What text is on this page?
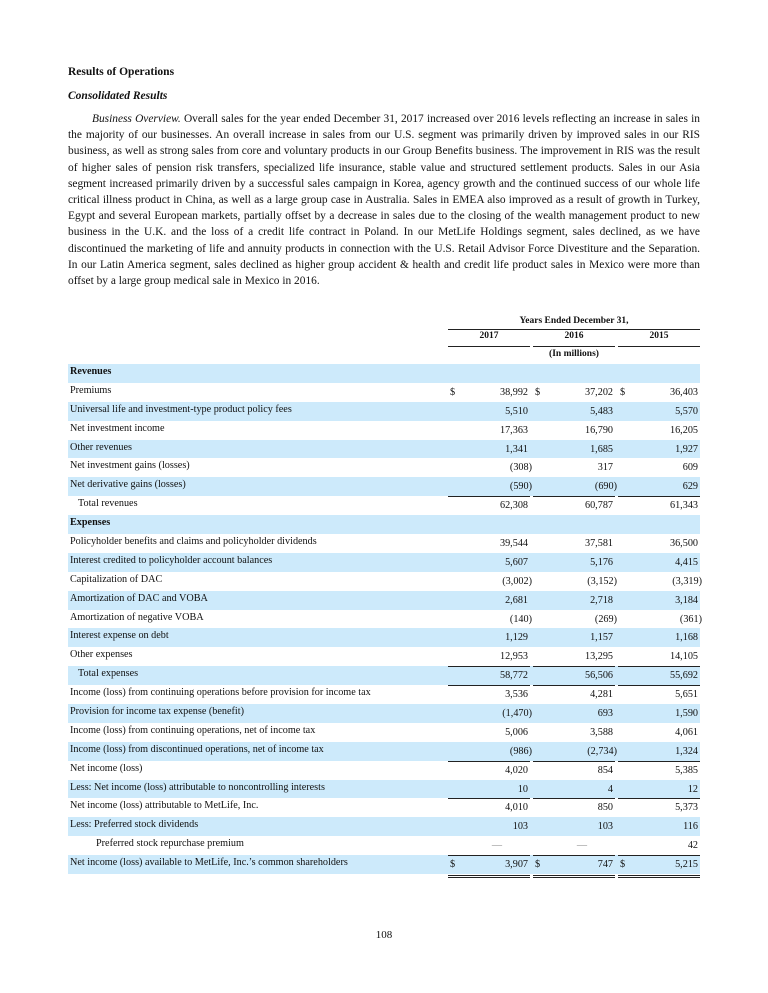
Results of Operations
Consolidated Results

Business Overview. Overall sales for the year ended December 31, 2017 increased over 2016 levels reflecting an increase in sales in the majority of our businesses. An overall increase in sales from our U.S. segment was primarily driven by improved sales in our RIS business, as well as strong sales from core and voluntary products in our Group Benefits business. The improvement in RIS was the result of higher sales of pension risk transfers, specialized life insurance, stable value and structured settlement products. Sales in our Asia segment increased primarily driven by a successful sales campaign in Korea, agency growth and the continued success of our whole life critical illness product in China, as well as a large group case in Australia. Sales in EMEA also improved as a result of growth in Turkey, Egypt and several European markets, partially offset by a decrease in sales due to the closing of the wealth management product to new business in the U.K. and the loss of a credit life contract in Poland. In our MetLife Holdings segment, sales declined, as we have discontinued the marketing of life and annuity products in connection with the U.S. Retail Advisor Force Divestiture and the Separation. In our Latin America segment, sales declined as higher group accident & health and credit life product sales in Mexico were more than offset by a large group medical sale in Mexico in 2016.

Years Ended December 31,
2017	2016	2015
(In millions)
Revenues
Premiums	$	38,992 $	37,202 $	36,403
Universal life and investment-type product policy fees	5,510	5,483	5,570
Net investment income	17,363	16,790	16,205
Other revenues	1,341	1,685	1,927
Net investment gains (losses)	(308)	317	609
Net derivative gains (losses)	(590)	(690)	629
Total revenues	62,308	60,787	61,343
Expenses
Policyholder benefits and claims and policyholder dividends	39,544	37,581	36,500
Interest credited to policyholder account balances	5,607	5,176	4,415
Capitalization of DAC	(3,002)	(3,152)	(3,319)
Amortization of DAC and VOBA	2,681	2,718	3,184
Amortization of negative VOBA	(140)	(269)	(361)
Interest expense on debt	1,129	1,157	1,168
Other expenses	12,953	13,295	14,105
Total expenses	58,772	56,506	55,692
Income (loss) from continuing operations before provision for income tax	3,536	4,281	5,651
Provision for income tax expense (benefit)	(1,470)	693	1,590
Income (loss) from continuing operations, net of income tax	5,006	3,588	4,061
Income (loss) from discontinued operations, net of income tax	(986)	(2,734)	1,324
Net income (loss)	4,020	854	5,385
Less: Net income (loss) attributable to noncontrolling interests	10	4	12
Net income (loss) attributable to MetLife, Inc.	4,010	850	5,373
Less: Preferred stock dividends	103	103	116
Preferred stock repurchase premium	—	—	42
Net income (loss) available to MetLife, Inc.’s common shareholders	$	3,907 $	747 $	5,215
108
